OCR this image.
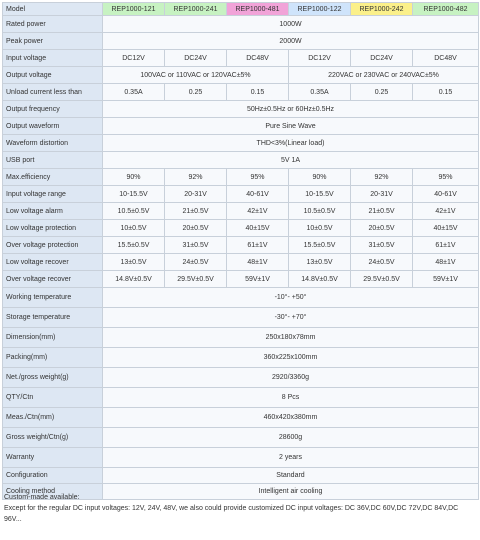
Model	REP1000-121	REP1000-241	REP1000-481	REP1000-122	REP1000-242	REP1000-482
Rated power	1000W					
Peak power	2000W					
Input voltage	DC12V	DC24V	DC48V	DC12V	DC24V	DC48V
Output voltage	100VAC or 110VAC or 120VAC±5%			220VAC or 230VAC or 240VAC±5%		
Unload current less than	0.35A	0.25	0.15	0.35A	0.25	0.15
Output frequency	50Hz±0.5Hz or 60Hz±0.5Hz					
Output waveform	Pure Sine Wave					
Waveform distortion	THD<3%(Linear load)					
USB port	5V 1A					
Max.efficiency	90%	92%	95%	90%	92%	95%
Input voltage range	10-15.5V	20-31V	40-61V	10-15.5V	20-31V	40-61V
Low voltage alarm	10.5±0.5V	21±0.5V	42±1V	10.5±0.5V	21±0.5V	42±1V
Low voltage protection	10±0.5V	20±0.5V	40±15V	10±0.5V	20±0.5V	40±15V
Over voltage protection	15.5±0.5V	31±0.5V	61±1V	15.5±0.5V	31±0.5V	61±1V
Low voltage recover	13±0.5V	24±0.5V	48±1V	13±0.5V	24±0.5V	48±1V
Over voltage recover	14.8V±0.5V	29.5V±0.5V	59V±1V	14.8V±0.5V	29.5V±0.5V	59V±1V
Working temperature	-10°- +50°					
Storage temperature	-30°- +70°					
Dimension(mm)	250x180x78mm					
Packing(mm)	360x225x100mm					
Net./gross weight(g)	2920/3360g					
QTY/Ctn	8 Pcs					
Meas./Ctn(mm)	460x420x380mm					
Gross weight/Ctn(g)	28600g					
Warranty	2 years					
Configuration	Standard					
Cooling method	Intelligent air cooling					
Custom-made available:
Except for the regular DC input voltages: 12V, 24V, 48V, we also could provide customized DC input voltages: DC 36V,DC 60V,DC 72V,DC 84V,DC 96V...
